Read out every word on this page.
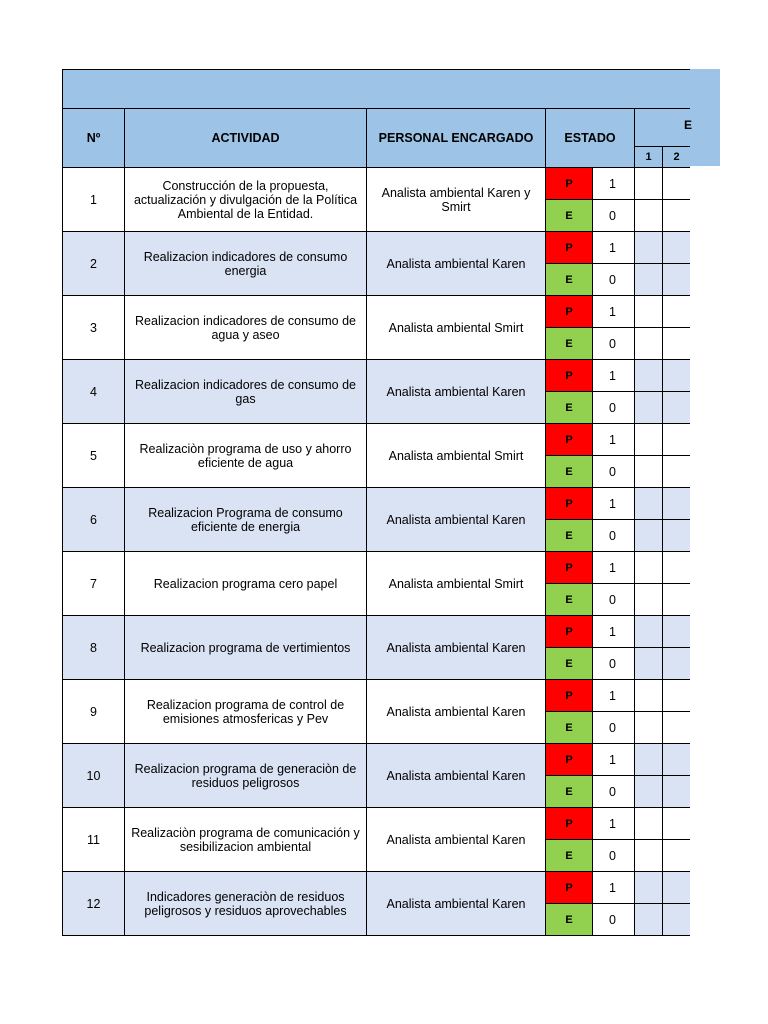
Nº	ACTIVIDAD	PERSONAL ENCARGADO	ESTADO			
					1	2
1	Construcción de la propuesta, actualización y divulgación de la Política Ambiental de la Entidad.	Analista ambiental Karen y Smirt	P	1		
			E	0		
2	Realizacion indicadores de consumo energia	Analista ambiental Karen	P	1		
			E	0		
3	Realizacion indicadores de consumo de agua y aseo	Analista ambiental Smirt	P	1		
			E	0		
4	Realizacion indicadores de consumo de gas	Analista ambiental Karen	P	1		
			E	0		
5	Realizaciòn programa de uso y ahorro eficiente de agua	Analista ambiental Smirt	P	1		
			E	0		
6	Realizacion Programa de consumo eficiente de energia	Analista ambiental Karen	P	1		
			E	0		
7	Realizacion programa cero papel	Analista ambiental Smirt	P	1		
			E	0		
8	Realizacion programa de vertimientos	Analista ambiental Karen	P	1		
			E	0		
9	Realizacion programa de control de emisiones atmosfericas y Pev	Analista ambiental Karen	P	1		
			E	0		
10	Realizacion programa de generaciòn de residuos peligrosos	Analista ambiental Karen	P	1		
			E	0		
11	Realizaciòn programa de comunicación y sesibilizacion ambiental	Analista ambiental Karen	P	1		
			E	0		
12	Indicadores generaciòn de residuos peligrosos y residuos aprovechables	Analista ambiental Karen	P	1		
			E	0		
E
